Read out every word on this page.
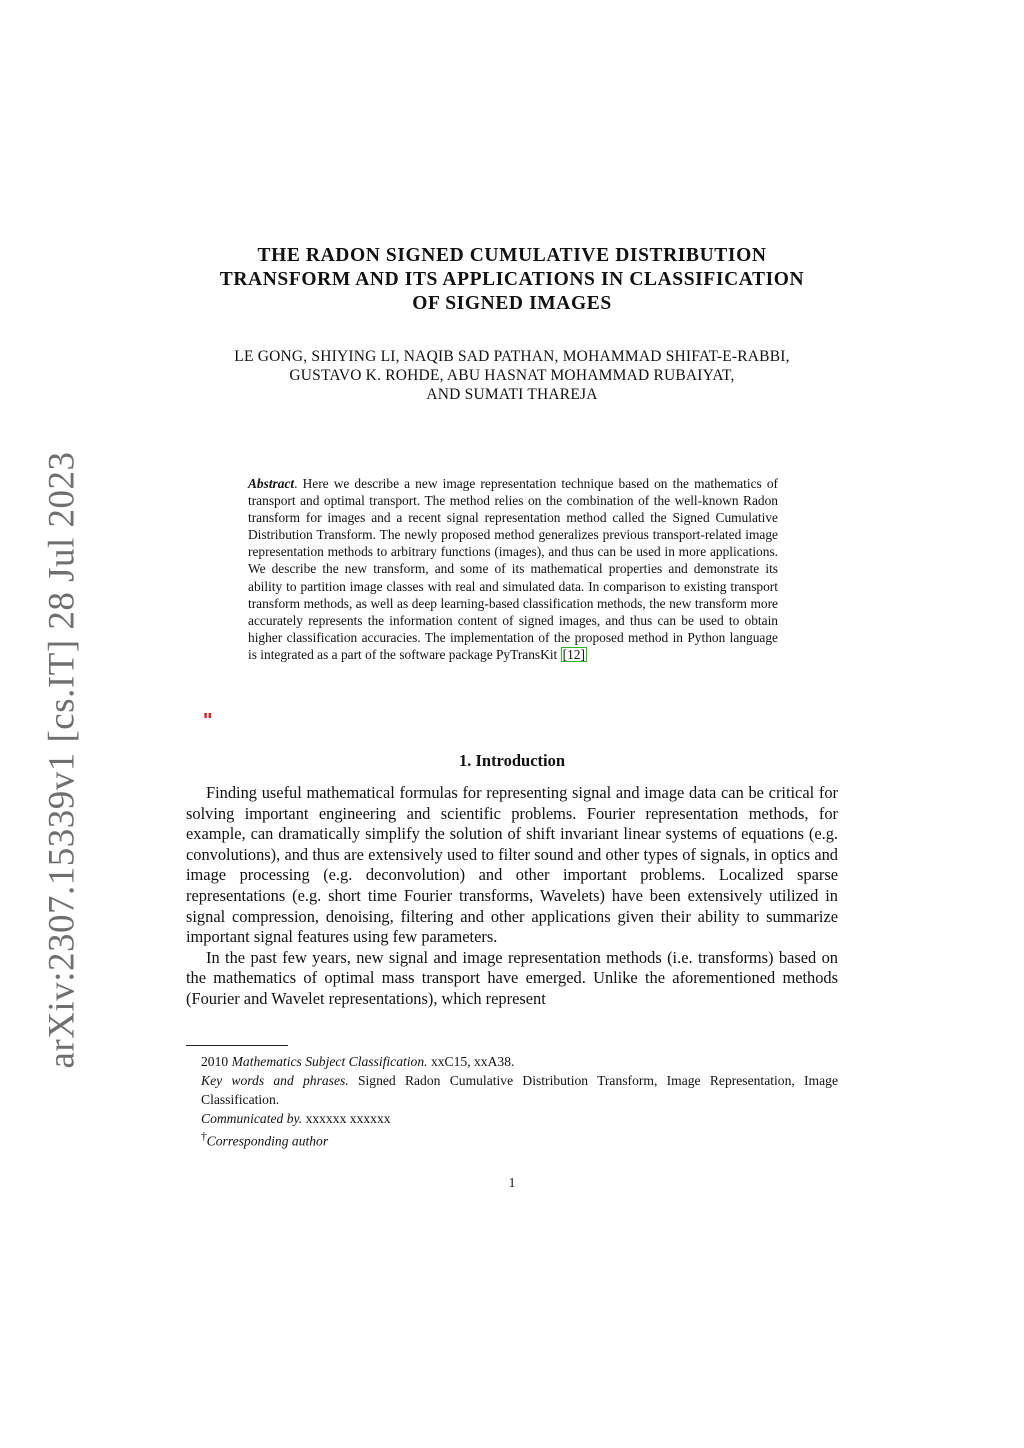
arXiv:2307.15339v1 [cs.IT] 28 Jul 2023
THE RADON SIGNED CUMULATIVE DISTRIBUTION
TRANSFORM AND ITS APPLICATIONS IN CLASSIFICATION
OF SIGNED IMAGES
LE GONG, SHIYING LI, NAQIB SAD PATHAN, MOHAMMAD SHIFAT-E-RABBI,
GUSTAVO K. ROHDE, ABU HASNAT MOHAMMAD RUBAIYAT,
AND SUMATI THAREJA
Abstract. Here we describe a new image representation technique based on the mathematics of transport and optimal transport. The method relies on the combination of the well-known Radon transform for images and a recent signal representation method called the Signed Cumulative Distribution Transform. The newly proposed method generalizes previous transport-related image representation methods to arbitrary functions (images), and thus can be used in more applications. We describe the new transform, and some of its mathematical properties and demonstrate its ability to partition image classes with real and simulated data. In comparison to existing transport transform methods, as well as deep learning-based classification methods, the new transform more accurately represents the information content of signed images, and thus can be used to obtain higher classification accuracies. The implementation of the proposed method in Python language is integrated as a part of the software package PyTransKit [12]
"
1. Introduction

Finding useful mathematical formulas for representing signal and image data can be critical for solving important engineering and scientific problems. Fourier representation methods, for example, can dramatically simplify the solution of shift invariant linear systems of equations (e.g. convolutions), and thus are extensively used to filter sound and other types of signals, in optics and image processing (e.g. deconvolution) and other important problems. Localized sparse representations (e.g. short time Fourier transforms, Wavelets) have been extensively utilized in signal compression, denoising, filtering and other applications given their ability to summarize important signal features using few parameters.

In the past few years, new signal and image representation methods (i.e. transforms) based on the mathematics of optimal mass transport have emerged. Unlike the aforementioned methods (Fourier and Wavelet representations), which represent

2010 Mathematics Subject Classification. xxC15, xxA38.
Key words and phrases. Signed Radon Cumulative Distribution Transform, Image Representation, Image Classification.
Communicated by. xxxxxx xxxxxx
†Corresponding author
1
